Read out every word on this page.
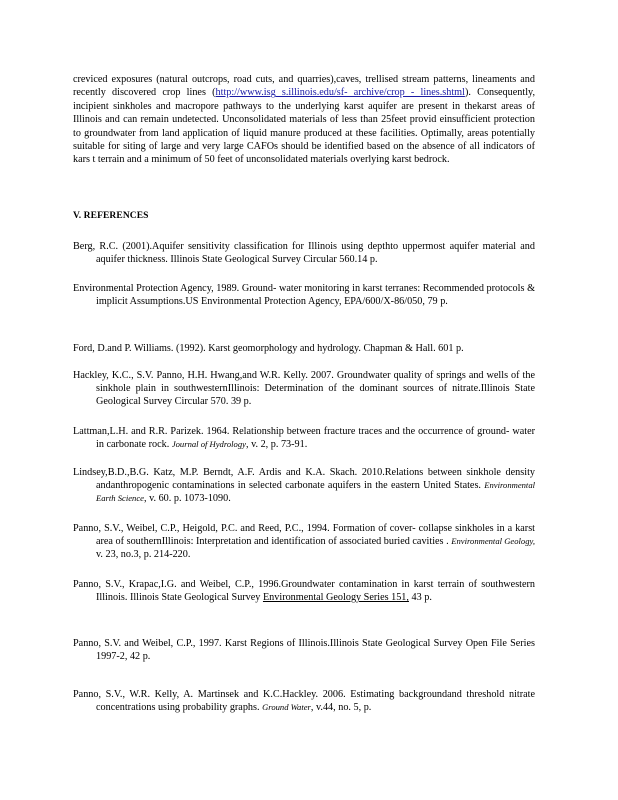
creviced exposures (natural outcrops, road cuts, and quarries),caves, trellised stream patterns, lineaments and recently discovered crop lines (http://www.isg s.illinois.edu/sf- archive/crop - lines.shtml). Consequently, incipient sinkholes and macropore pathways to the underlying karst aquifer are present in thekarst areas of Illinois and can remain undetected. Unconsolidated materials of less than 25feet provid einsufficient protection to groundwater from land application of liquid manure produced at these facilities. Optimally, areas potentially suitable for siting of large and very large CAFOs should be identified based on the absence of all indicators of kars t terrain and a minimum of 50 feet of unconsolidated materials overlying karst bedrock.
V. REFERENCES
Berg, R.C. (2001).Aquifer sensitivity classification for Illinois using depthto uppermost aquifer material and aquifer thickness. Illinois State Geological Survey Circular 560.14 p.
Environmental Protection Agency, 1989. Ground- water monitoring in karst terranes: Recommended protocols & implicit Assumptions.US Environmental Protection Agency, EPA/600/X-86/050, 79 p.
Ford, D.and P. Williams. (1992). Karst geomorphology and hydrology. Chapman & Hall. 601 p.
Hackley, K.C., S.V. Panno, H.H. Hwang,and W.R. Kelly. 2007. Groundwater quality of springs and wells of the sinkhole plain in southwesternIllinois: Determination of the dominant sources of nitrate.Illinois State Geological Survey Circular 570. 39 p.
Lattman,L.H. and R.R. Parizek. 1964. Relationship between fracture traces and the occurrence of ground- water in carbonate rock. Journal of Hydrology, v. 2, p. 73-91.
Lindsey,B.D.,B.G. Katz, M.P. Berndt, A.F. Ardis and K.A. Skach. 2010.Relations between sinkhole density andanthropogenic contaminations in selected carbonate aquifers in the eastern United States. Environmental Earth Science, v. 60. p. 1073-1090.
Panno, S.V., Weibel, C.P., Heigold, P.C. and Reed, P.C., 1994. Formation of cover- collapse sinkholes in a karst area of southernIllinois: Interpretation and identification of associated buried cavities . Environmental Geology, v. 23, no.3, p. 214-220.
Panno, S.V., Krapac,I.G. and Weibel, C.P., 1996.Groundwater contamination in karst terrain of southwestern Illinois. Illinois State Geological Survey Environmental Geology Series 151, 43 p.
Panno, S.V. and Weibel, C.P., 1997. Karst Regions of Illinois.Illinois State Geological Survey Open File Series 1997-2, 42 p.
Panno, S.V., W.R. Kelly, A. Martinsek and K.C.Hackley. 2006. Estimating backgroundand threshold nitrate concentrations using probability graphs. Ground Water, v.44, no. 5, p.
